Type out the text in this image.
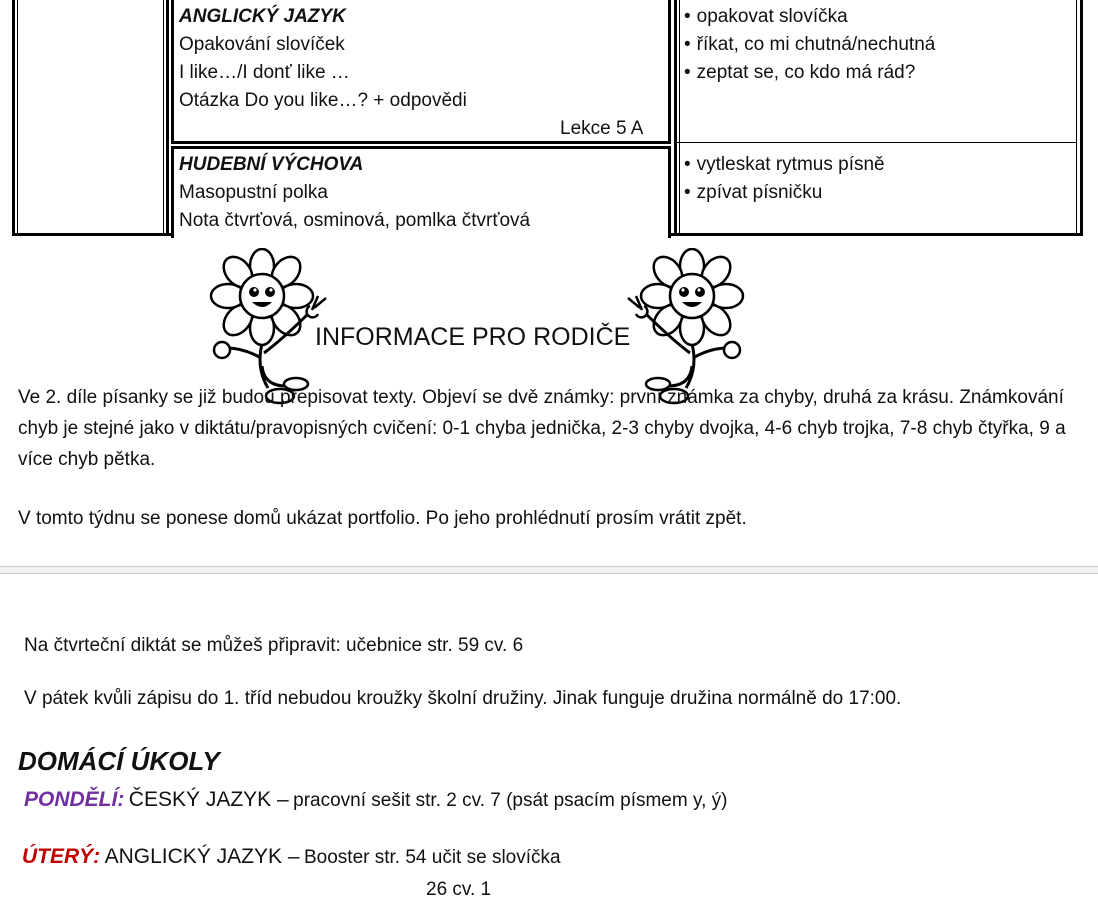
ANGLICKÝ JAZYK
Opakování slovíček
I like…/I donť like …
Otázka Do you like…? + odpovědi
Lekce 5 A
• opakovat slovíčka
• říkat, co mi chutná/nechutná
• zeptat se, co kdo má rád?
HUDEBNÍ VÝCHOVA
Masopustní polka
Nota čtvrťová, osminová, pomlka čtvrťová
• vytleskat rytmus písně
• zpívat písničku
INFORMACE PRO RODIČE
Ve 2. díle písanky se již budou přepisovat texty. Objeví se dvě známky: první známka za chyby, druhá za krásu. Známkování chyb je stejné jako v diktátu/pravopisných cvičení: 0-1 chyba jednička, 2-3 chyby dvojka, 4-6 chyb trojka, 7-8 chyb čtyřka, 9 a více chyb pětka.
V tomto týdnu se ponese domů ukázat portfolio. Po jeho prohlédnutí prosím vrátit zpět.
Na čtvrteční diktát se můžeš připravit: učebnice str. 59 cv. 6
V pátek kvůli zápisu do 1. tříd nebudou kroužky školní družiny. Jinak funguje družina normálně do 17:00.
DOMÁCÍ ÚKOLY
PONDĚLÍ: ČESKÝ JAZYK – pracovní sešit str. 2 cv. 7 (psát psacím písmem y, ý)
ÚTERÝ: ANGLICKÝ JAZYK – Booster str. 54 učit se slovíčka
26 cv. 1
